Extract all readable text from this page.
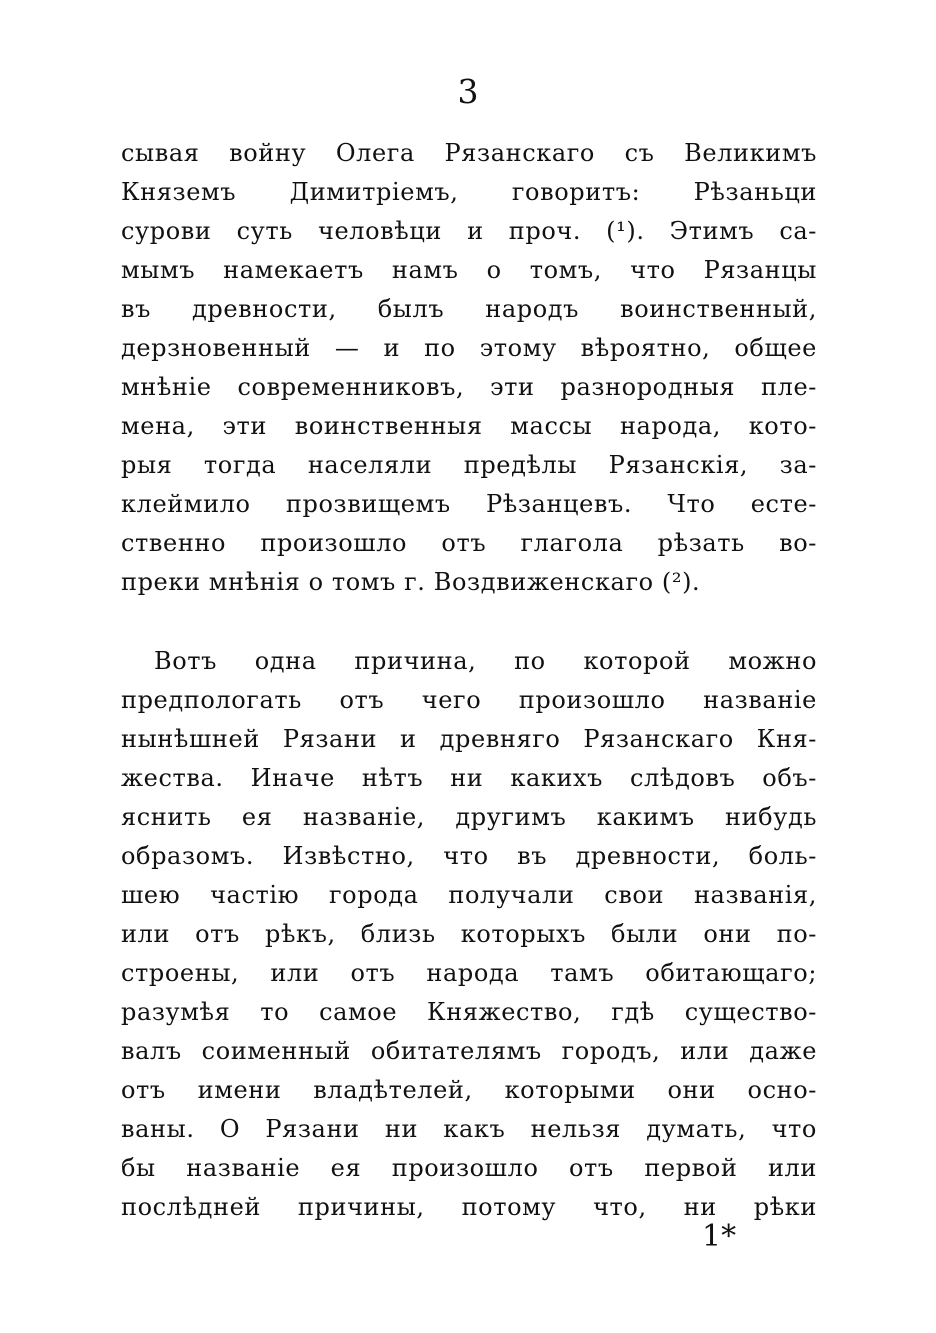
3
сывая войну Олега Рязанскаго съ Великимъ
Княземъ Димитріемъ, говоритъ: Рѣзаньци
сурови суть человѣци и проч. (¹). Этимъ са-
мымъ намекаетъ намъ о томъ, что Рязанцы
въ древности, былъ народъ воинственный,
дерзновенный — и по этому вѣроятно, общее
мнѣніе современниковъ, эти разнородныя пле-
мена, эти воинственныя массы народа, кото-
рыя тогда населяли предѣлы Рязанскія, за-
клеймило прозвищемъ Рѣзанцевъ. Что есте-
ственно произошло отъ глагола рѣзать во-
преки мнѣнія о томъ г. Воздвиженскаго (²).
Вотъ одна причина, по которой можно
предпологать отъ чего произошло названіе
нынѣшней Рязани и древняго Рязанскаго Кня-
жества. Иначе нѣтъ ни какихъ слѣдовъ объ-
яснить ея названіе, другимъ какимъ нибудь
образомъ. Извѣстно, что въ древности, боль-
шею частію города получали свои названія,
или отъ рѣкъ, близь которыхъ были они по-
строены, или отъ народа тамъ обитающаго;
разумѣя то самое Княжество, гдѣ существо-
валъ соименный обитателямъ городъ, или даже
отъ имени владѣтелей, которыми они осно-
ваны. О Рязани ни какъ нельзя думать, что
бы названіе ея произошло отъ первой или
послѣдней причины, потому что, ни рѣки
1*
